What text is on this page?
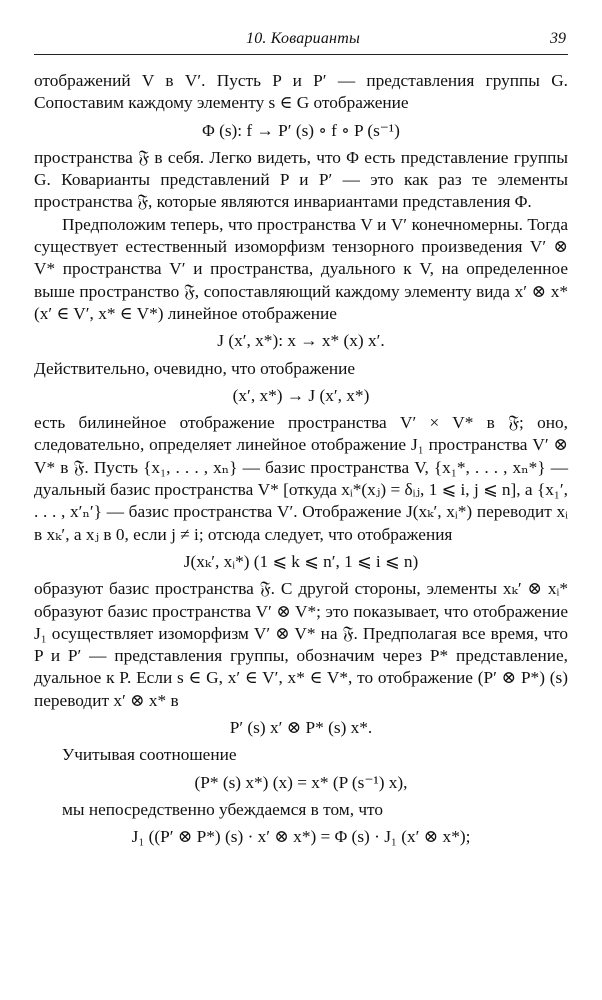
10. Коварианты	39

отображений V в V′. Пусть P и P′ — представления группы G. Сопоставим каждому элементу s ∈ G отображение

Φ (s): f → P′ (s) ∘ f ∘ P (s⁻¹)

пространства 𝔉 в себя. Легко видеть, что Φ есть представление группы G. Коварианты представлений P и P′ — это как раз те элементы пространства 𝔉, которые являются инвариантами представления Φ.

Предположим теперь, что пространства V и V′ конечномерны. Тогда существует естественный изоморфизм тензорного произведения V′ ⊗ V* пространства V′ и пространства, дуального к V, на определенное выше пространство 𝔉, сопоставляющий каждому элементу вида x′ ⊗ x* (x′ ∈ V′, x* ∈ V*) линейное отображение

J (x′, x*): x → x* (x) x′.

Действительно, очевидно, что отображение

(x′, x*) → J (x′, x*)

есть билинейное отображение пространства V′ × V* в 𝔉; оно, следовательно, определяет линейное отображение J₁ пространства V′ ⊗ V* в 𝔉. Пусть {x₁, . . . , xₙ} — базис пространства V, {x₁*, . . . , xₙ*} — дуальный базис пространства V* [откуда xᵢ*(xⱼ) = δᵢⱼ, 1 ⩽ i, j ⩽ n], а {x₁′, . . . , x′ₙ′} — базис пространства V′. Отображение J(xₖ′, xᵢ*) переводит xᵢ в xₖ′, а xⱼ в 0, если j ≠ i; отсюда следует, что отображения

J(xₖ′, xᵢ*) (1 ⩽ k ⩽ n′, 1 ⩽ i ⩽ n)

образуют базис пространства 𝔉. С другой стороны, элементы xₖ′ ⊗ xᵢ* образуют базис пространства V′ ⊗ V*; это показывает, что отображение J₁ осуществляет изоморфизм V′ ⊗ V* на 𝔉. Предполагая все время, что P и P′ — представления группы, обозначим через P* представление, дуальное к P. Если s ∈ G, x′ ∈ V′, x* ∈ V*, то отображение (P′ ⊗ P*) (s) переводит x′ ⊗ x* в

P′ (s) x′ ⊗ P* (s) x*.

Учитывая соотношение

(P* (s) x*) (x) = x* (P (s⁻¹) x),

мы непосредственно убеждаемся в том, что

J₁ ((P′ ⊗ P*) (s) · x′ ⊗ x*) = Φ (s) · J₁ (x′ ⊗ x*);
